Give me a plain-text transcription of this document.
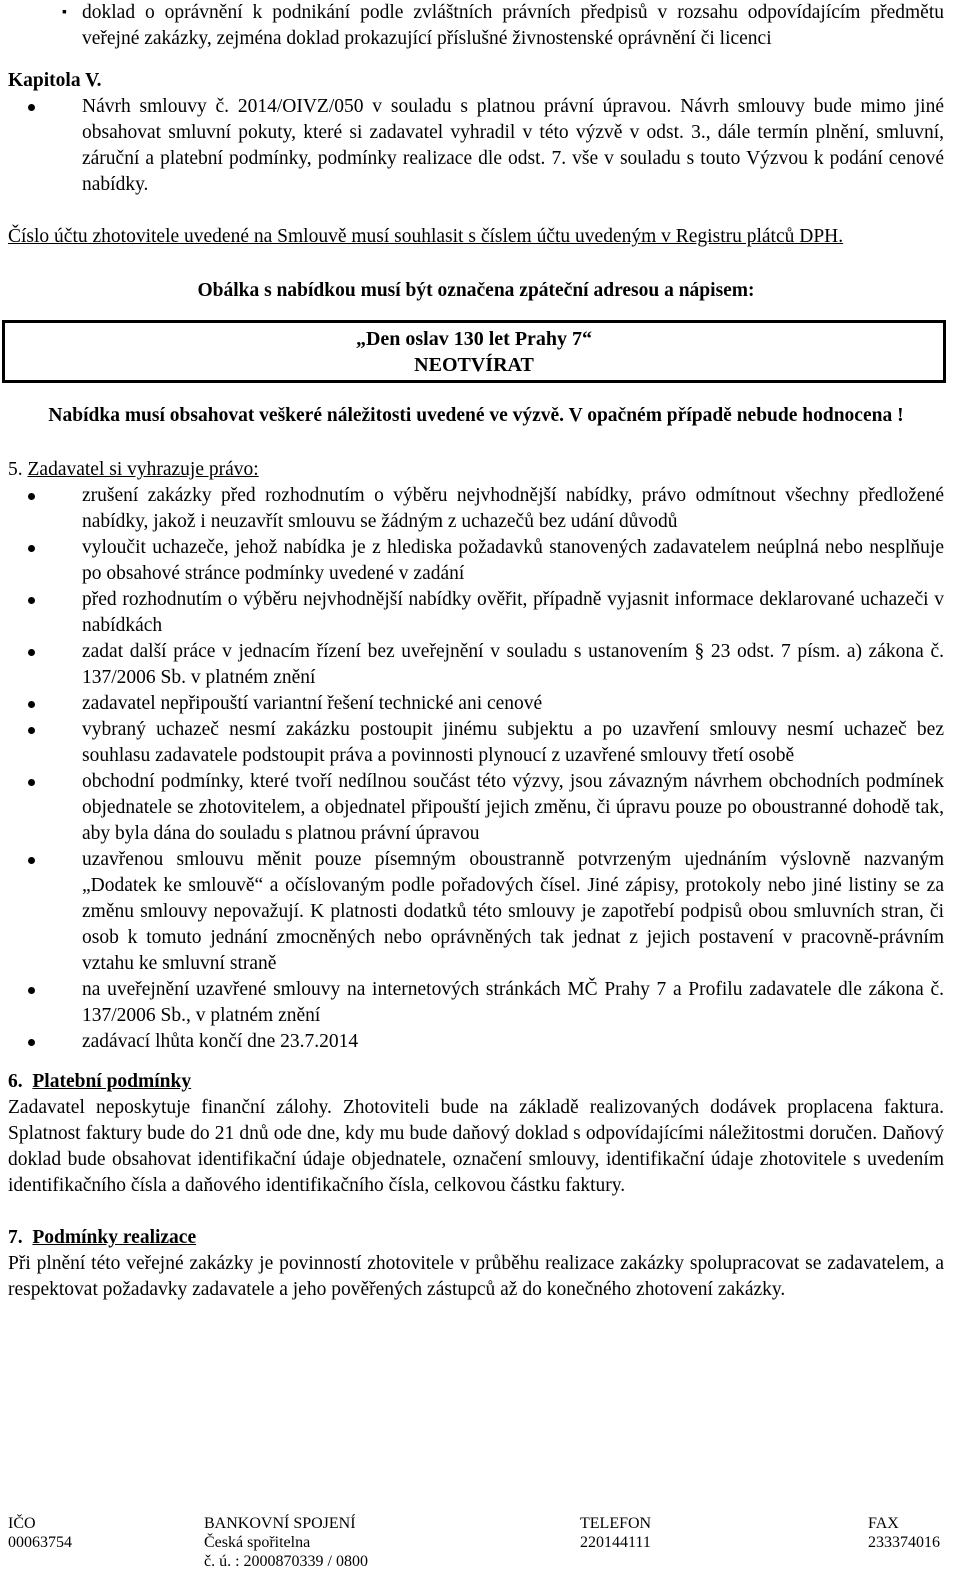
▪ doklad o oprávnění k podnikání podle zvláštních právních předpisů v rozsahu odpovídajícím předmětu veřejné zakázky, zejména doklad prokazující příslušné živnostenské oprávnění či licenci

Kapitola V.

Návrh smlouvy č. 2014/OIVZ/050 v souladu s platnou právní úpravou. Návrh smlouvy bude mimo jiné obsahovat smluvní pokuty, které si zadavatel vyhradil v této výzvě v odst. 3., dále termín plnění, smluvní, záruční a platební podmínky, podmínky realizace dle odst. 7. vše v souladu s touto Výzvou k podání cenové nabídky.

Číslo účtu zhotovitele uvedené na Smlouvě musí souhlasit s číslem účtu uvedeným v Registru plátců DPH.

Obálka s nabídkou musí být označena zpáteční adresou a nápisem:

„Den oslav 130 let Prahy 7“
NEOTVÍRAT

Nabídka musí obsahovat veškeré náležitosti uvedené ve výzvě. V opačném případě nebude hodnocena !

5. Zadavatel si vyhrazuje právo:

zrušení zakázky před rozhodnutím o výběru nejvhodnější nabídky, právo odmítnout všechny předložené nabídky, jakož i neuzavřít smlouvu se žádným z uchazečů bez udání důvodů
vyloučit uchazeče, jehož nabídka je z hlediska požadavků stanovených zadavatelem neúplná nebo nesplňuje po obsahové stránce podmínky uvedené v zadání
před rozhodnutím o výběru nejvhodnější nabídky ověřit, případně vyjasnit informace deklarované uchazeči v nabídkách
zadat další práce v jednacím řízení bez uveřejnění v souladu s ustanovením § 23 odst. 7 písm. a) zákona č. 137/2006 Sb. v platném znění
zadavatel nepřipouští variantní řešení technické ani cenové
vybraný uchazeč nesmí zakázku postoupit jinému subjektu a po uzavření smlouvy nesmí uchazeč bez souhlasu zadavatele podstoupit práva a povinnosti plynoucí z uzavřené smlouvy třetí osobě
obchodní podmínky, které tvoří nedílnou součást této výzvy, jsou závazným návrhem obchodních podmínek objednatele se zhotovitelem, a objednatel připouští jejich změnu, či úpravu pouze po oboustranné dohodě tak, aby byla dána do souladu s platnou právní úpravou
uzavřenou smlouvu měnit pouze písemným oboustranně potvrzeným ujednáním výslovně nazvaným „Dodatek ke smlouvě“ a očíslovaným podle pořadových čísel. Jiné zápisy, protokoly nebo jiné listiny se za změnu smlouvy nepovažují. K platnosti dodatků této smlouvy je zapotřebí podpisů obou smluvních stran, či osob k tomuto jednání zmocněných nebo oprávněných tak jednat z jejich postavení v pracovně-právním vztahu ke smluvní straně
na uveřejnění uzavřené smlouvy na internetových stránkách MČ Prahy 7 a Profilu zadavatele dle zákona č. 137/2006 Sb., v platném znění
zadávací lhůta končí dne 23.7.2014

6. Platební podmínky

Zadavatel neposkytuje finanční zálohy. Zhotoviteli bude na základě realizovaných dodávek proplacena faktura. Splatnost faktury bude do 21 dnů ode dne, kdy mu bude daňový doklad s odpovídajícími náležitostmi doručen. Daňový doklad bude obsahovat identifikační údaje objednatele, označení smlouvy, identifikační údaje zhotovitele s uvedením identifikačního čísla a daňového identifikačního čísla, celkovou částku faktury.

7. Podmínky realizace

Při plnění této veřejné zakázky je povinností zhotovitele v průběhu realizace zakázky spolupracovat se zadavatelem, a respektovat požadavky zadavatele a jeho pověřených zástupců až do konečného zhotovení zakázky.

IČO
00063754
BANKOVNÍ SPOJENÍ
Česká spořitelna
č. ú. : 2000870339 / 0800
TELEFON
220144111
FAX
233374016
